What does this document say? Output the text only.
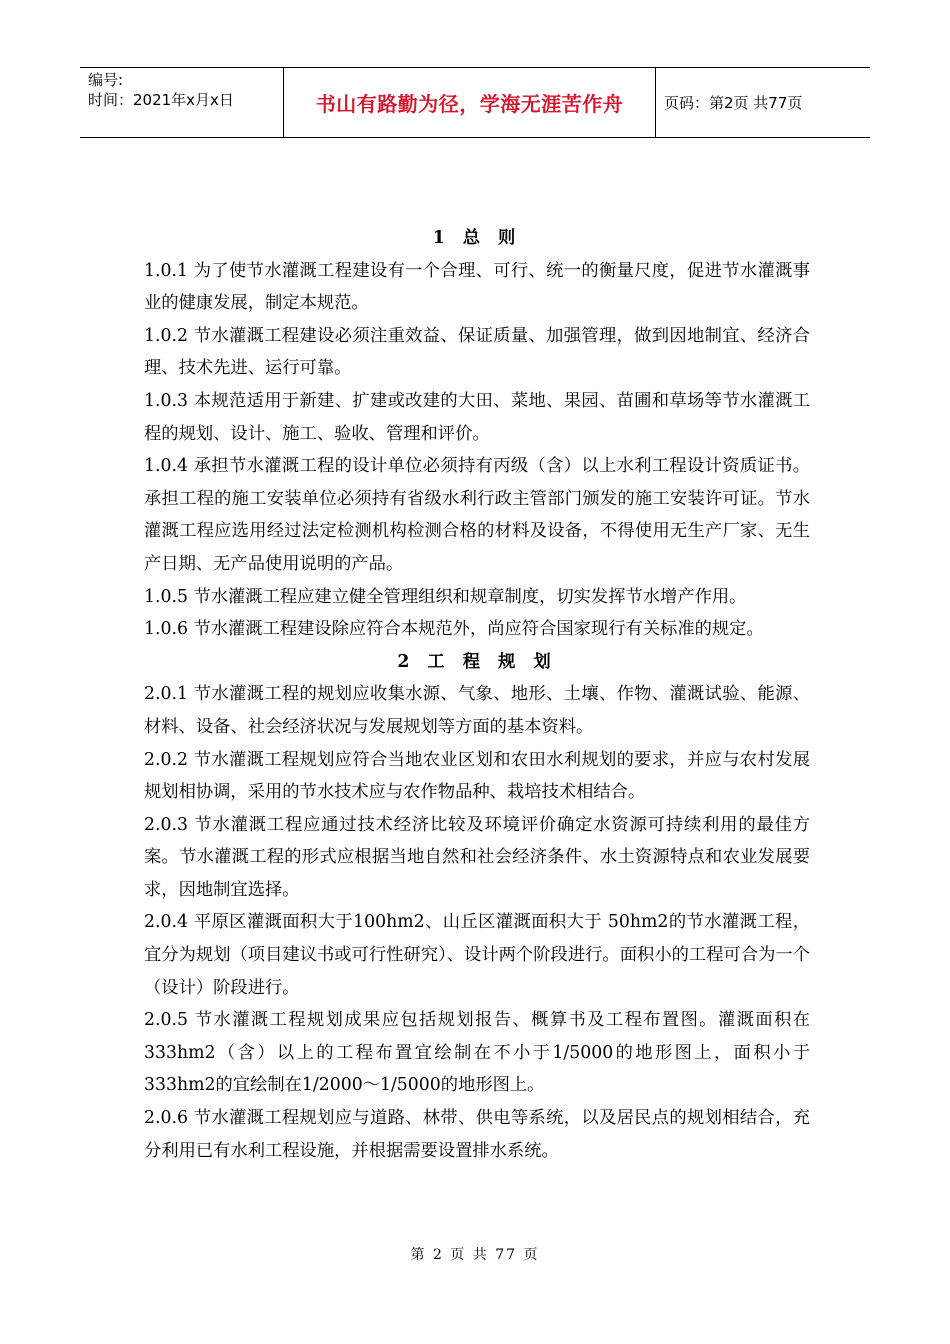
编号:
时间：2021年x月x日	书山有路勤为径，学海无涯苦作舟	页码：第2页 共77页
1 总 则

1.0.1 为了使节水灌溉工程建设有一个合理、可行、统一的衡量尺度，促进节水灌溉事业的健康发展，制定本规范。

1.0.2 节水灌溉工程建设必须注重效益、保证质量、加强管理，做到因地制宜、经济合理、技术先进、运行可靠。

1.0.3 本规范适用于新建、扩建或改建的大田、菜地、果园、苗圃和草场等节水灌溉工程的规划、设计、施工、验收、管理和评价。

1.0.4 承担节水灌溉工程的设计单位必须持有丙级（含）以上水利工程设计资质证书。承担工程的施工安装单位必须持有省级水利行政主管部门颁发的施工安装许可证。节水灌溉工程应选用经过法定检测机构检测合格的材料及设备，不得使用无生产厂家、无生产日期、无产品使用说明的产品。

1.0.5 节水灌溉工程应建立健全管理组织和规章制度，切实发挥节水增产作用。

1.0.6 节水灌溉工程建设除应符合本规范外，尚应符合国家现行有关标准的规定。

2 工 程 规 划

2.0.1 节水灌溉工程的规划应收集水源、气象、地形、土壤、作物、灌溉试验、能源、材料、设备、社会经济状况与发展规划等方面的基本资料。

2.0.2 节水灌溉工程规划应符合当地农业区划和农田水利规划的要求，并应与农村发展规划相协调，采用的节水技术应与农作物品种、栽培技术相结合。

2.0.3 节水灌溉工程应通过技术经济比较及环境评价确定水资源可持续利用的最佳方案。节水灌溉工程的形式应根据当地自然和社会经济条件、水土资源特点和农业发展要求，因地制宜选择。

2.0.4 平原区灌溉面积大于100hm2、山丘区灌溉面积大于 50hm2的节水灌溉工程，宜分为规划（项目建议书或可行性研究）、设计两个阶段进行。面积小的工程可合为一个（设计）阶段进行。

2.0.5 节水灌溉工程规划成果应包括规划报告、概算书及工程布置图。灌溉面积在333hm2（含）以上的工程布置宜绘制在不小于1/5000的地形图上，面积小于333hm2的宜绘制在1/2000～1/5000的地形图上。

2.0.6 节水灌溉工程规划应与道路、林带、供电等系统，以及居民点的规划相结合，充分利用已有水利工程设施，并根据需要设置排水系统。

第 2 页 共 77 页
